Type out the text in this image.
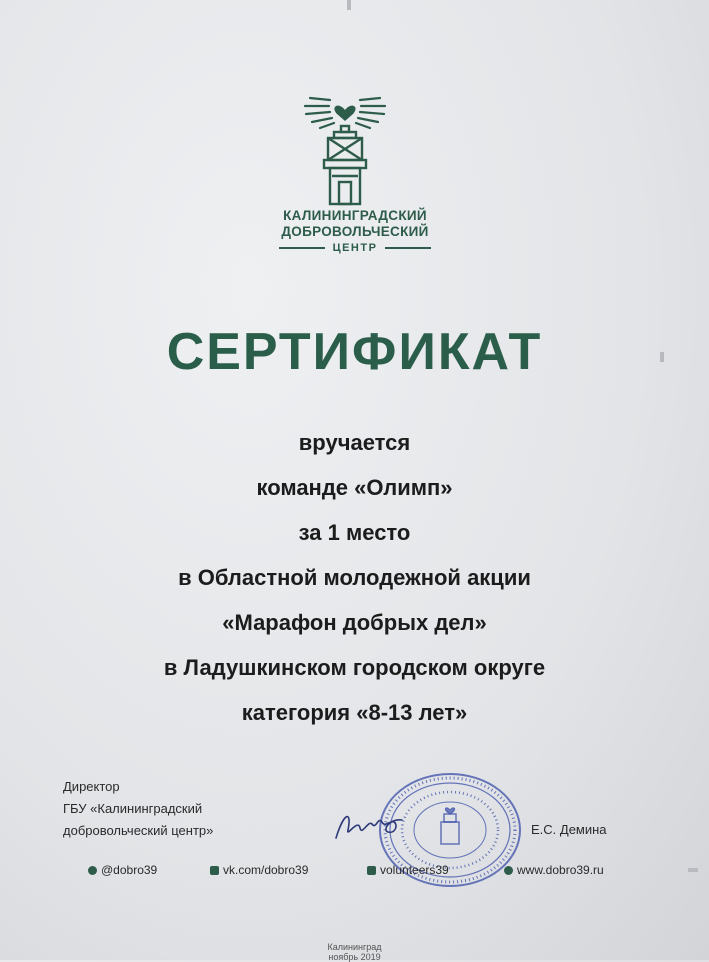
КАЛИНИНГРАДСКИЙ
ДОБРОВОЛЬЧЕСКИЙ
ЦЕНТР
СЕРТИФИКАТ
вручается
команде «Олимп»
за 1 место
в Областной молодежной акции
«Марафон добрых дел»
в Ладушкинском городском округе
категория «8-13 лет»
Директор
ГБУ «Калининградский
добровольческий центр»	Е.С. Демина
@dobro39	vk.com/dobro39	volunteers39	www.dobro39.ru
Калининград
ноябрь 2019
